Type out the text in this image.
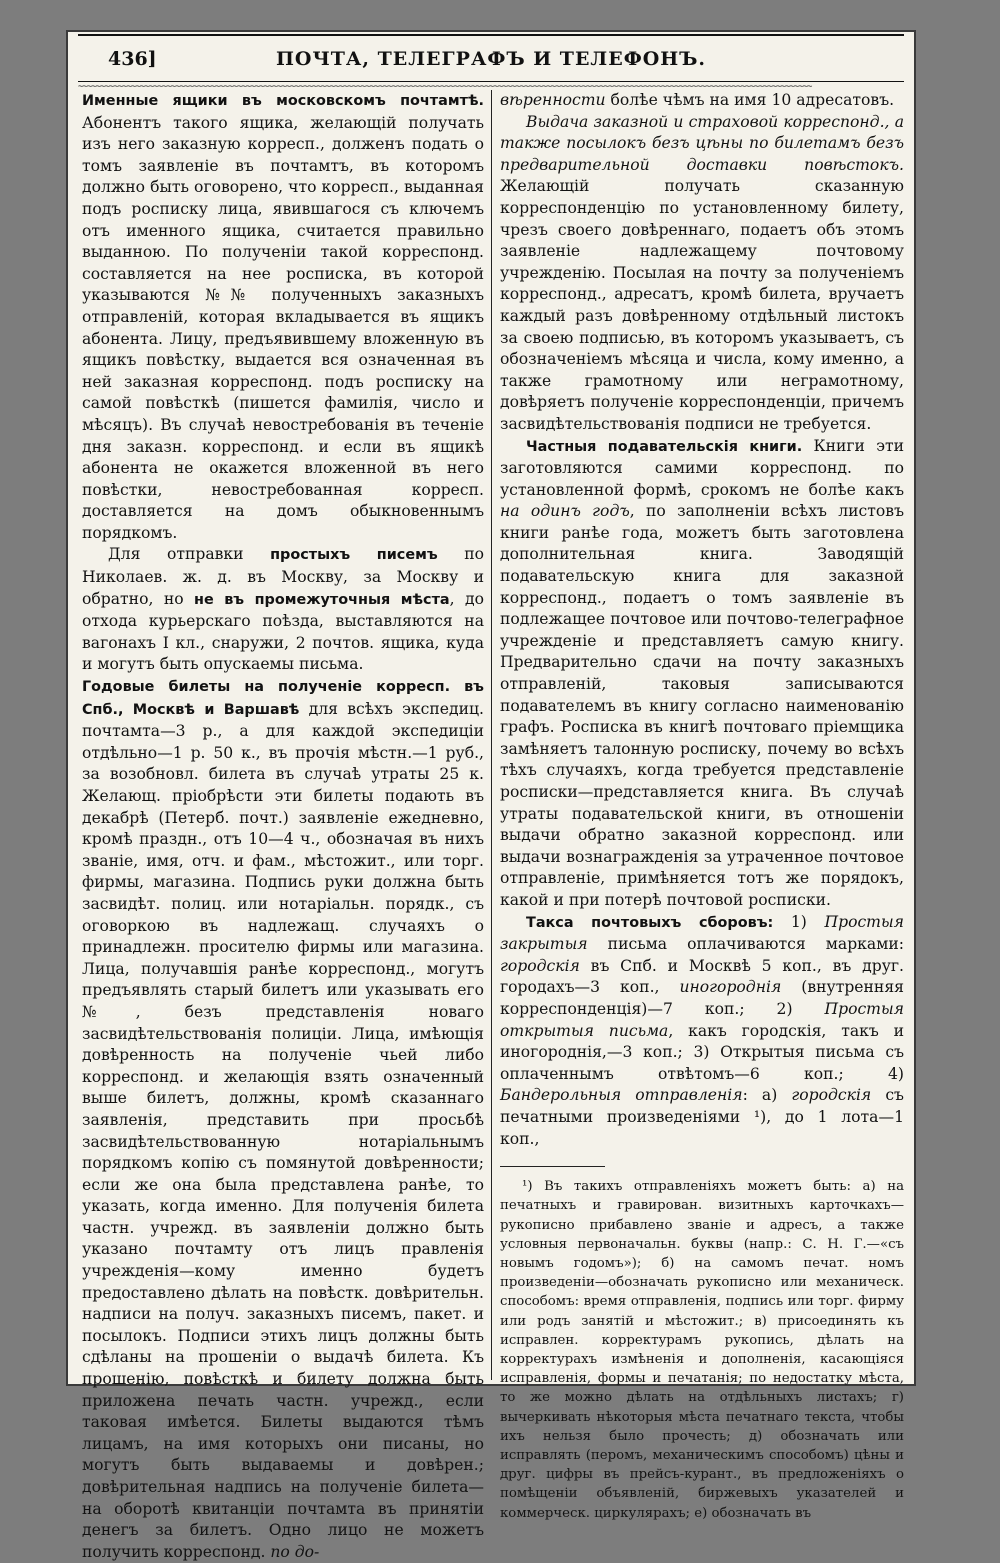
436]	ПОЧТА, ТЕЛЕГРАФЪ И ТЕЛЕФОНЪ.
~~~~~~~~~~~~~~~~~~~~~~~~~~~~~~~~~~~~~~~~~~~~~~~~~~~~~~~~~~~~~~~~~~~~~~~~~~~~~~~~~~~~~~~~~~~~~~~~~~~~~~~~~~~~~~~~~~~~~~~~~~~~~~~~~~~~~~~~~~~~~~~~~~~~~~~~~~~~~~~~~~~~~~

Именные ящики въ московскомъ почтамтѣ. Абонентъ такого ящика, желающій получать изъ него заказную корресп., долженъ подать о томъ заявленіе въ почтамтъ, въ которомъ должно быть оговорено, что корресп., выданная подъ росписку лица, явившагося съ ключемъ отъ именного ящика, считается правильно выданною. По полученіи такой корреспонд. составляется на нее росписка, въ которой указываются №№ полученныхъ заказныхъ отправленій, которая вкладывается въ ящикъ абонента. Лицу, предъявившему вложенную въ ящикъ повѣстку, выдается вся означенная въ ней заказная корреспонд. подъ росписку на самой повѣсткѣ (пишется фамилія, число и мѣсяцъ). Въ случаѣ невостребованія въ теченіе дня заказн. корреспонд. и если въ ящикѣ абонента не окажется вложенной въ него повѣстки, невостребованная корресп. доставляется на домъ обыкновеннымъ порядкомъ.

Для отправки простыхъ писемъ по Николаев. ж. д. въ Москву, за Москву и обратно, но не въ промежуточныя мѣста, до отхода курьерскаго поѣзда, выставляются на вагонахъ I кл., снаружи, 2 почтов. ящика, куда и могутъ быть опускаемы письма.

Годовые билеты на полученіе корресп. въ Спб., Москвѣ и Варшавѣ для всѣхъ экспедиц. почтамта—3 р., а для каждой экспедиціи отдѣльно—1 р. 50 к., въ прочія мѣстн.—1 руб., за возобновл. билета въ случаѣ утраты 25 к. Желающ. пріобрѣсти эти билеты подають въ декабрѣ (Петерб. почт.) заявленіе ежедневно, кромѣ праздн., отъ 10—4 ч., обозначая въ нихъ званіе, имя, отч. и фам., мѣстожит., или торг. фирмы, магазина. Подпись руки должна быть засвидѣт. полиц. или нотаріальн. порядк., съ оговоркою въ надлежащ. случаяхъ о принадлежн. просителю фирмы или магазина. Лица, получавшія ранѣе корреспонд., могутъ предъявлять старый билетъ или указывать его №, безъ представленія новаго засвидѣтельствованія полиціи. Лица, имѣющія довѣренность на полученіе чьей либо корреспонд. и желающія взять означенный выше билетъ, должны, кромѣ сказаннаго заявленія, представить при просьбѣ засвидѣтельствованную нотаріальнымъ порядкомъ копію съ помянутой довѣренности; если же она была представлена ранѣе, то указать, когда именно. Для полученія билета частн. учрежд. въ заявленіи должно быть указано почтамту отъ лицъ правленія учрежденія—кому именно будетъ предоставлено дѣлать на повѣстк. довѣрительн. надписи на получ. заказныхъ писемъ, пакет. и посылокъ. Подписи этихъ лицъ должны быть сдѣланы на прошеніи о выдачѣ билета. Къ прошенію, повѣсткѣ и билету должна быть приложена печать частн. учрежд., если таковая имѣется. Билеты выдаются тѣмъ лицамъ, на имя которыхъ они писаны, но могутъ быть выдаваемы и довѣрен.; довѣрительная надпись на полученіе билета—на оборотѣ квитанціи почтамта въ принятіи денегъ за билетъ. Одно лицо не можетъ получить корреспонд. по до-

вѣренности болѣе чѣмъ на имя 10 адресатовъ.

Выдача заказной и страховой корреспонд., а также посылокъ безъ цѣны по билетамъ безъ предварительной доставки повѣстокъ. Желающій получать сказанную корреспонденцію по установленному билету, чрезъ своего довѣреннаго, подаетъ объ этомъ заявленіе надлежащему почтовому учрежденію. Посылая на почту за полученіемъ корреспонд., адресатъ, кромѣ билета, вручаетъ каждый разъ довѣренному отдѣльный листокъ за своею подписью, въ которомъ указываетъ, съ обозначеніемъ мѣсяца и числа, кому именно, а также грамотному или неграмотному, довѣряетъ полученіе корреспонденціи, причемъ засвидѣтельствованія подписи не требуется.

Частныя подавательскія книги. Книги эти заготовляются самими корреспонд. по установленной формѣ, срокомъ не болѣе какъ на одинъ годъ, по заполненіи всѣхъ листовъ книги ранѣе года, можетъ быть заготовлена дополнительная книга. Заводящій подавательскую книга для заказной корреспонд., подаетъ о томъ заявленіе въ подлежащее почтовое или почтово-телеграфное учрежденіе и представляетъ самую книгу. Предварительно сдачи на почту заказныхъ отправленій, таковыя записываются подавателемъ въ книгу согласно наименованію графъ. Росписка въ книгѣ почтоваго пріемщика замѣняетъ талонную росписку, почему во всѣхъ тѣхъ случаяхъ, когда требуется представленіе росписки—представляется книга. Въ случаѣ утраты подавательской книги, въ отношеніи выдачи обратно заказной корреспонд. или выдачи вознагражденія за утраченное почтовое отправленіе, примѣняется тотъ же порядокъ, какой и при потерѣ почтовой росписки.

Такса почтовыхъ сборовъ: 1) Простыя закрытыя письма оплачиваются марками: городскія въ Спб. и Москвѣ 5 коп., въ друг. городахъ—3 коп., иногороднія (внутренняя корреспонденція)—7 коп.; 2) Простыя открытыя письма, какъ городскія, такъ и иногороднія,—3 коп.; 3) Открытыя письма съ оплаченнымъ отвѣтомъ—6 коп.; 4) Бандерольныя отправленія: а) городскія съ печатными произведеніями ¹), до 1 лота—1 коп.,

¹) Въ такихъ отправленіяхъ можетъ быть: а) на печатныхъ и гравирован. визитныхъ карточкахъ—рукописно прибавлено званіе и адресъ, а также условныя первоначальн. буквы (напр.: С. Н. Г.—«съ новымъ годомъ»); б) на самомъ печат. номъ произведеніи—обозначать рукописно или механическ. способомъ: время отправленія, подпись или торг. фирму или родъ занятій и мѣстожит.; в) присоединять къ исправлен. корректурамъ рукопись, дѣлать на корректурахъ измѣненія и дополненія, касающіяся исправленія, формы и печатанія; по недостатку мѣста, то же можно дѣлать на отдѣльныхъ листахъ; г) вычеркивать нѣкоторыя мѣста печатнаго текста, чтобы ихъ нельзя было прочесть; д) обозначать или исправлять (перомъ, механическимъ способомъ) цѣны и друг. цифры въ прейсъ-курант., въ предложеніяхъ о помѣщеніи объявленій, биржевыхъ указателей и коммерческ. циркулярахъ; е) обозначать въ
